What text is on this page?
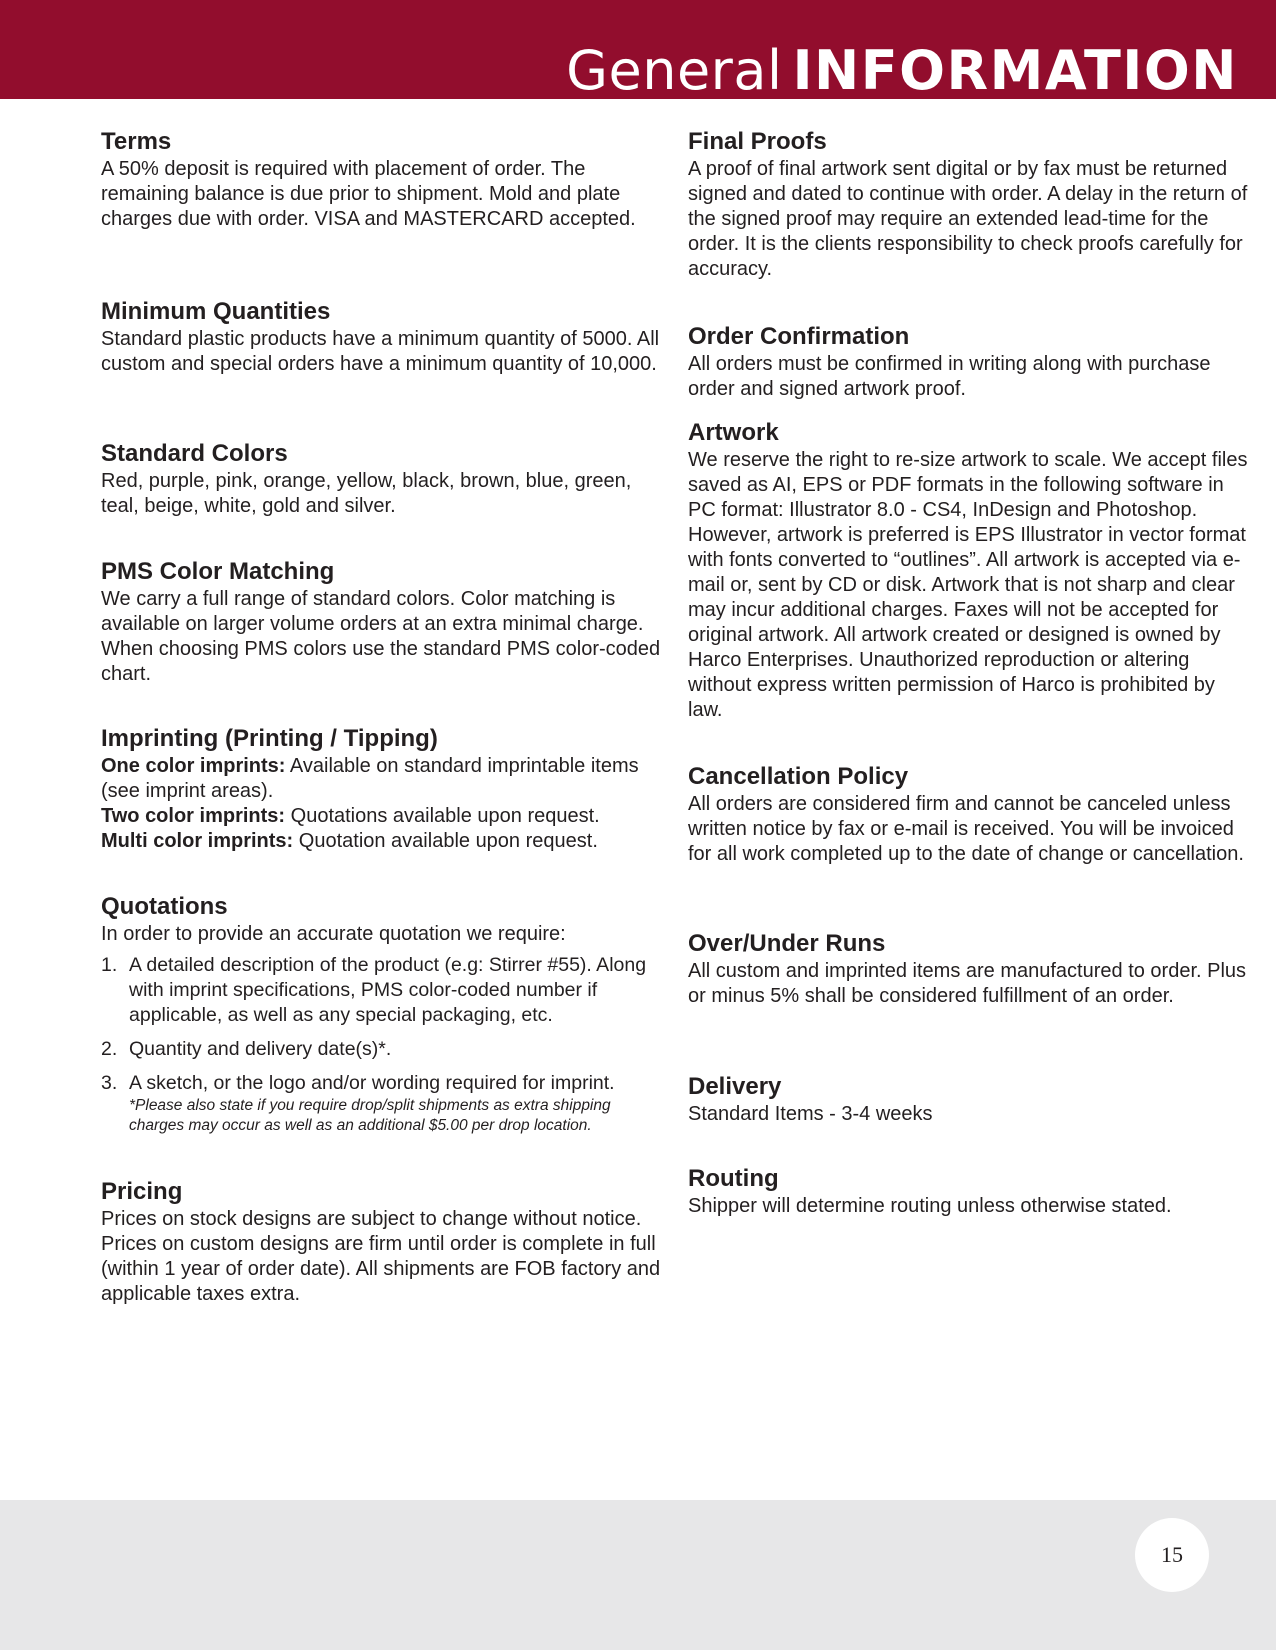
General INFORMATION
Terms

A 50% deposit is required with placement of order. The remaining balance is due prior to shipment. Mold and plate charges due with order. VISA and MASTERCARD accepted.

Minimum Quantities

Standard plastic products have a minimum quantity of 5000. All custom and special orders have a minimum quantity of 10,000.

Standard Colors

Red, purple, pink, orange, yellow, black, brown, blue, green, teal, beige, white, gold and silver.

PMS Color Matching

We carry a full range of standard colors. Color matching is available on larger volume orders at an extra minimal charge. When choosing PMS colors use the standard PMS color-coded chart.

Imprinting (Printing / Tipping)

One color imprints: Available on standard imprintable items (see imprint areas).

Two color imprints: Quotations available upon request.

Multi color imprints: Quotation available upon request.

Quotations

In order to provide an accurate quotation we require:

1. A detailed description of the product (e.g: Stirrer #55). Along with imprint specifications, PMS color-coded number if applicable, as well as any special packaging, etc.
2. Quantity and delivery date(s)*.
3. A sketch, or the logo and/or wording required for imprint.
*Please also state if you require drop/split shipments as extra shipping charges may occur as well as an additional $5.00 per drop location.
Pricing

Prices on stock designs are subject to change without notice. Prices on custom designs are firm until order is complete in full (within 1 year of order date). All shipments are FOB factory and applicable taxes extra.

Final Proofs

A proof of final artwork sent digital or by fax must be returned signed and dated to continue with order. A delay in the return of the signed proof may require an extended lead-time for the order. It is the clients responsibility to check proofs carefully for accuracy.

Order Confirmation

All orders must be confirmed in writing along with purchase order and signed artwork proof.

Artwork

We reserve the right to re-size artwork to scale. We accept files saved as AI, EPS or PDF formats in the following software in PC format: Illustrator 8.0 - CS4, InDesign and Photoshop. However, artwork is preferred is EPS Illustrator in vector format with fonts converted to “outlines”. All artwork is accepted via e-mail or, sent by CD or disk. Artwork that is not sharp and clear may incur additional charges. Faxes will not be accepted for original artwork. All artwork created or designed is owned by Harco Enterprises. Unauthorized reproduction or altering without express written permission of Harco is prohibited by law.

Cancellation Policy

All orders are considered firm and cannot be canceled unless written notice by fax or e-mail is received. You will be invoiced for all work completed up to the date of change or cancellation.

Over/Under Runs

All custom and imprinted items are manufactured to order. Plus or minus 5% shall be considered fulfillment of an order.

Delivery

Standard Items - 3-4 weeks

Routing

Shipper will determine routing unless otherwise stated.

15
